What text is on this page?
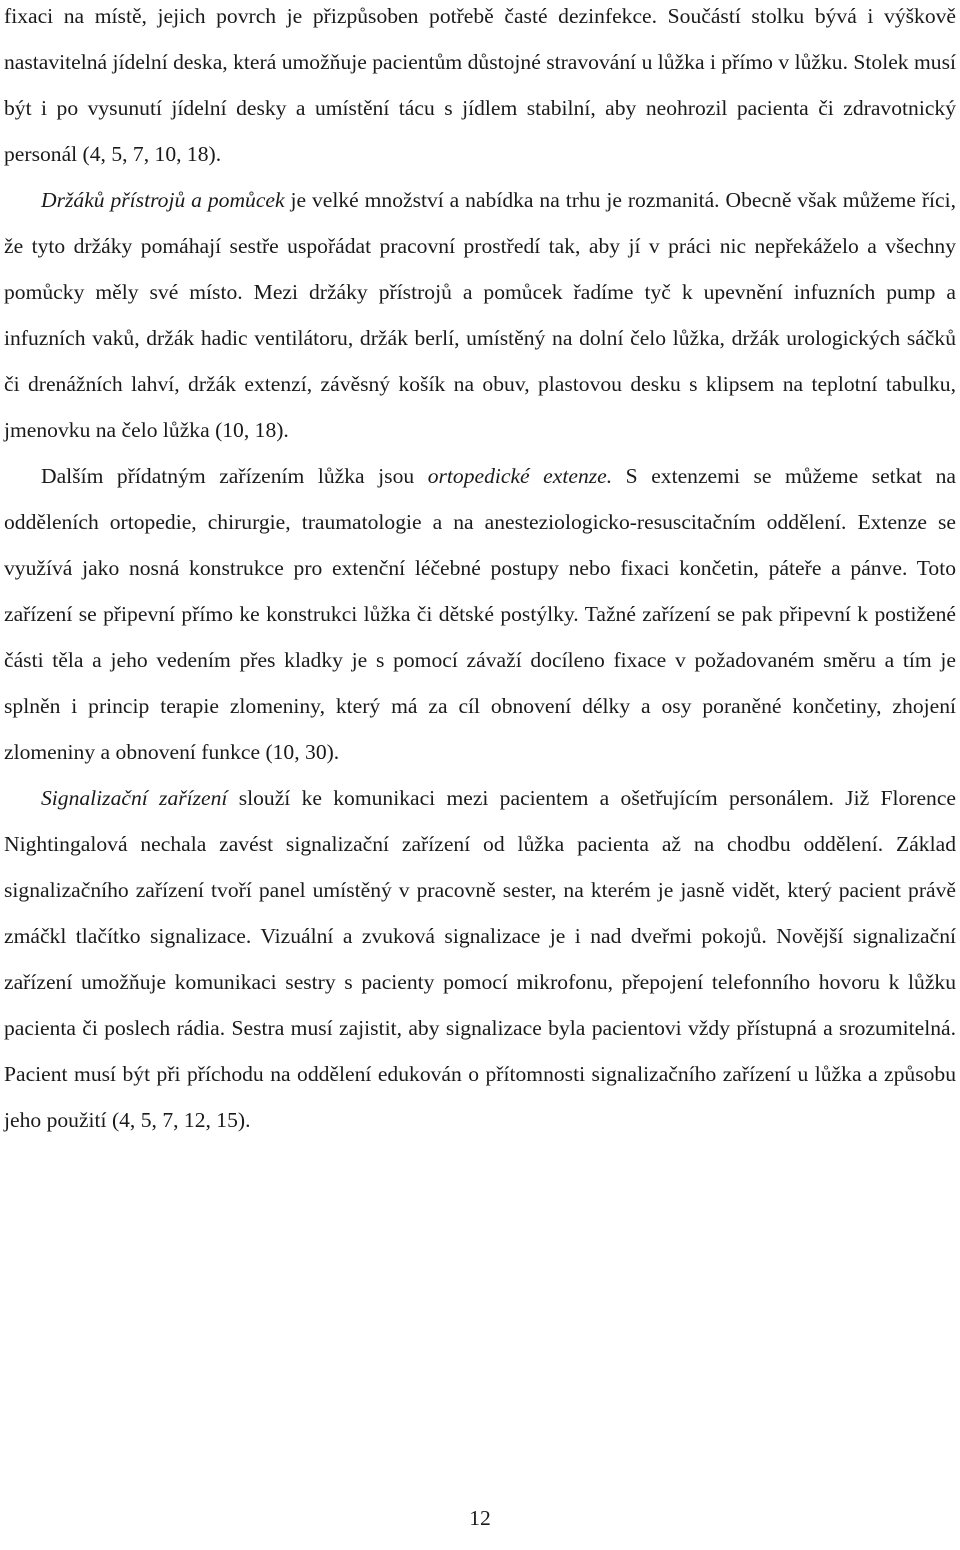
fixaci na místě, jejich povrch je přizpůsoben potřebě časté dezinfekce. Součástí stolku bývá i výškově nastavitelná jídelní deska, která umožňuje pacientům důstojné stravování u lůžka i přímo v lůžku. Stolek musí být i po vysunutí jídelní desky a umístění tácu s jídlem stabilní, aby neohrozil pacienta či zdravotnický personál (4, 5, 7, 10, 18).

Držáků přístrojů a pomůcek je velké množství a nabídka na trhu je rozmanitá. Obecně však můžeme říci, že tyto držáky pomáhají sestře uspořádat pracovní prostředí tak, aby jí v práci nic nepřekáželo a všechny pomůcky měly své místo. Mezi držáky přístrojů a pomůcek řadíme tyč k upevnění infuzních pump a infuzních vaků, držák hadic ventilátoru, držák berlí, umístěný na dolní čelo lůžka, držák urologických sáčků či drenážních lahví, držák extenzí, závěsný košík na obuv, plastovou desku s klipsem na teplotní tabulku, jmenovku na čelo lůžka (10, 18).

Dalším přídatným zařízením lůžka jsou ortopedické extenze. S extenzemi se můžeme setkat na odděleních ortopedie, chirurgie, traumatologie a na anesteziologicko-resuscitačním oddělení. Extenze se využívá jako nosná konstrukce pro extenční léčebné postupy nebo fixaci končetin, páteře a pánve. Toto zařízení se připevní přímo ke konstrukci lůžka či dětské postýlky. Tažné zařízení se pak připevní k postižené části těla a jeho vedením přes kladky je s pomocí závaží docíleno fixace v požadovaném směru a tím je splněn i princip terapie zlomeniny, který má za cíl obnovení délky a osy poraněné končetiny, zhojení zlomeniny a obnovení funkce (10, 30).

Signalizační zařízení slouží ke komunikaci mezi pacientem a ošetřujícím personálem. Již Florence Nightingalová nechala zavést signalizační zařízení od lůžka pacienta až na chodbu oddělení. Základ signalizačního zařízení tvoří panel umístěný v pracovně sester, na kterém je jasně vidět, který pacient právě zmáčkl tlačítko signalizace. Vizuální a zvuková signalizace je i nad dveřmi pokojů. Novější signalizační zařízení umožňuje komunikaci sestry s pacienty pomocí mikrofonu, přepojení telefonního hovoru k lůžku pacienta či poslech rádia. Sestra musí zajistit, aby signalizace byla pacientovi vždy přístupná a srozumitelná. Pacient musí být při příchodu na oddělení edukován o přítomnosti signalizačního zařízení u lůžka a způsobu jeho použití (4, 5, 7, 12, 15).

12
